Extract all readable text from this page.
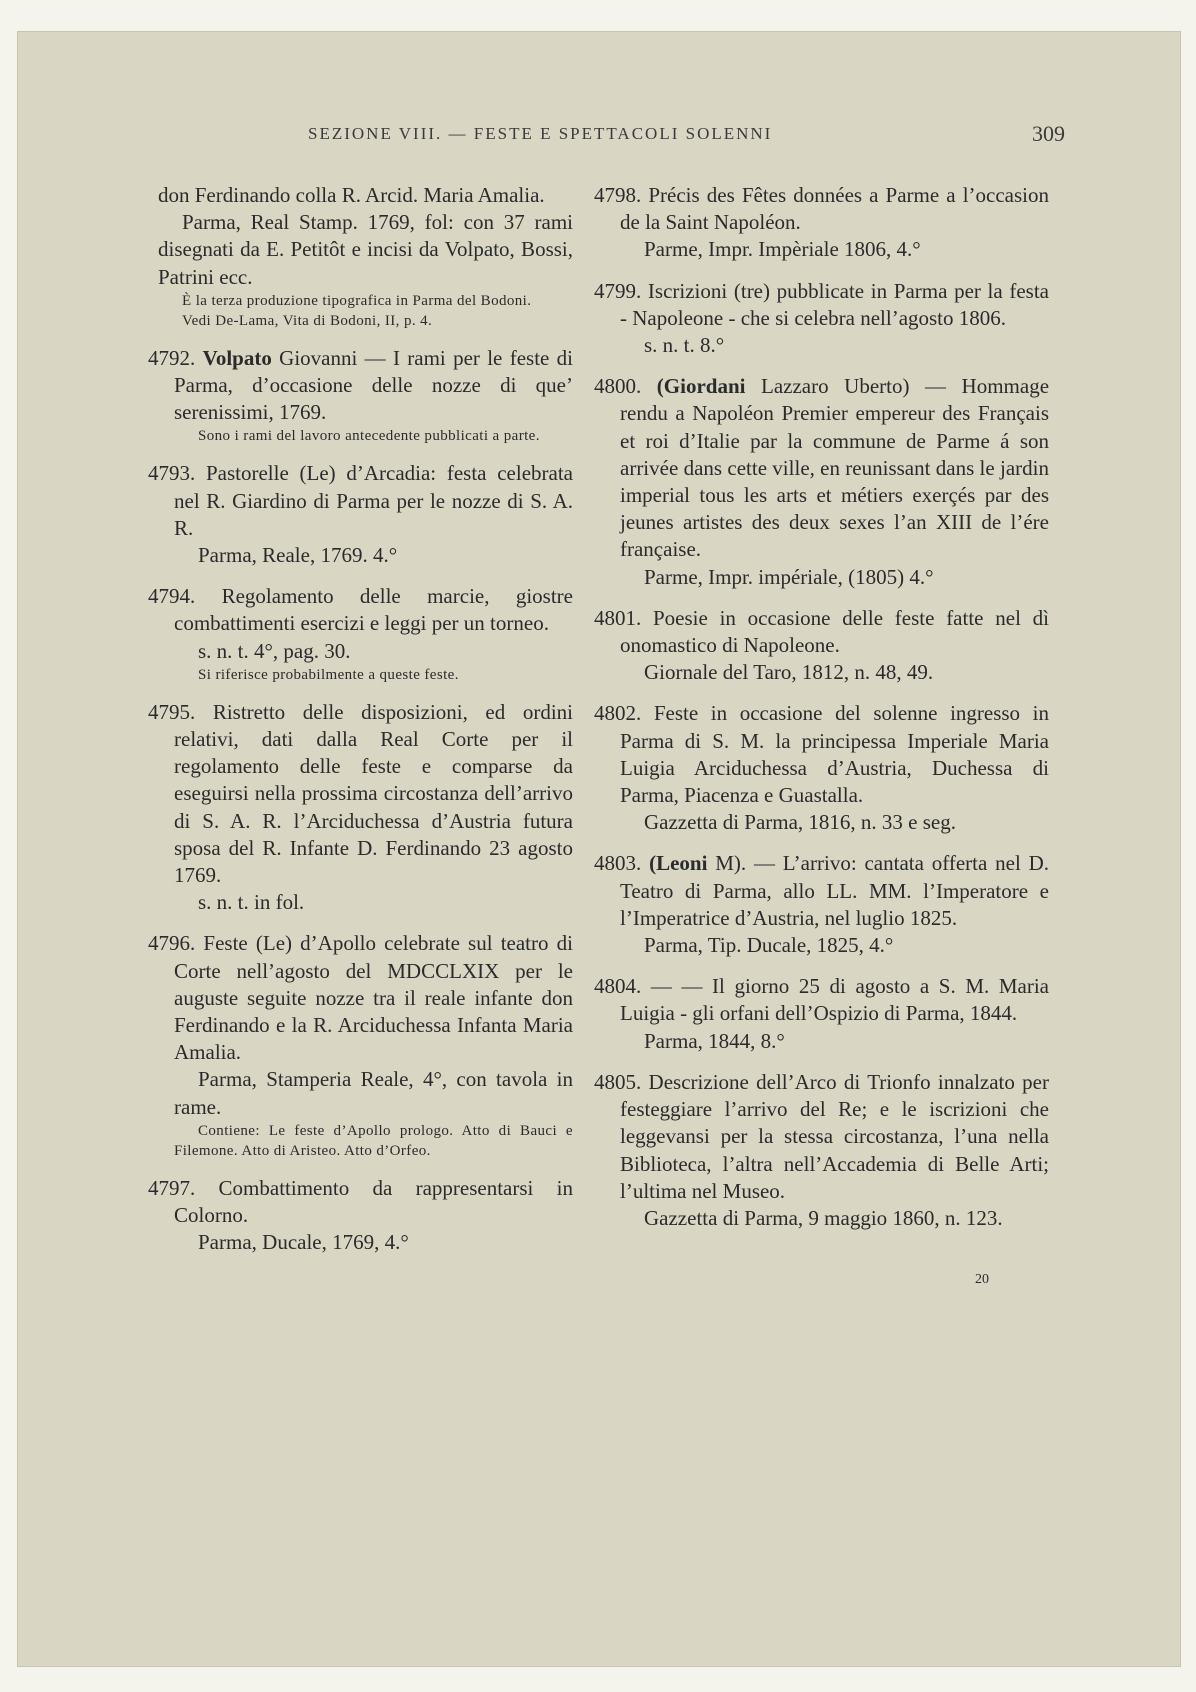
SEZIONE VIII. — FESTE E SPETTACOLI SOLENNI	309

don Ferdinando colla R. Arcid. Maria Amalia.

Parma, Real Stamp. 1769, fol: con 37 rami disegnati da E. Petitôt e incisi da Volpato, Bossi, Patrini ecc.

È la terza produzione tipografica in Parma del Bodoni.

Vedi De-Lama, Vita di Bodoni, II, p. 4.

4792. Volpato Giovanni — I rami per le feste di Parma, d’occasione delle nozze di que’ serenissimi, 1769.

Sono i rami del lavoro antecedente pubblicati a parte.

4793. Pastorelle (Le) d’Arcadia: festa celebrata nel R. Giardino di Parma per le nozze di S. A. R.

Parma, Reale, 1769. 4.°

4794. Regolamento delle marcie, giostre combattimenti esercizi e leggi per un torneo.

s. n. t. 4°, pag. 30.

Si riferisce probabilmente a queste feste.

4795. Ristretto delle disposizioni, ed ordini relativi, dati dalla Real Corte per il regolamento delle feste e comparse da eseguirsi nella prossima circostanza dell’arrivo di S. A. R. l’Arciduchessa d’Austria futura sposa del R. Infante D. Ferdinando 23 agosto 1769.

s. n. t. in fol.

4796. Feste (Le) d’Apollo celebrate sul teatro di Corte nell’agosto del MDCCLXIX per le auguste seguite nozze tra il reale infante don Ferdinando e la R. Arciduchessa Infanta Maria Amalia.

Parma, Stamperia Reale, 4°, con tavola in rame.

Contiene: Le feste d’Apollo prologo. Atto di Bauci e Filemone. Atto di Aristeo. Atto d’Orfeo.

4797. Combattimento da rappresentarsi in Colorno.

Parma, Ducale, 1769, 4.°

4798. Précis des Fêtes données a Parme a l’occasion de la Saint Napoléon.

Parme, Impr. Impèriale 1806, 4.°

4799. Iscrizioni (tre) pubblicate in Parma per la festa - Napoleone - che si celebra nell’agosto 1806.

s. n. t. 8.°

4800. (Giordani Lazzaro Uberto) — Hommage rendu a Napoléon Premier empereur des Français et roi d’Italie par la commune de Parme á son arrivée dans cette ville, en reunissant dans le jardin imperial tous les arts et métiers exerçés par des jeunes artistes des deux sexes l’an XIII de l’ére française.

Parme, Impr. impériale, (1805) 4.°

4801. Poesie in occasione delle feste fatte nel dì onomastico di Napoleone.

Giornale del Taro, 1812, n. 48, 49.

4802. Feste in occasione del solenne ingresso in Parma di S. M. la principessa Imperiale Maria Luigia Arciduchessa d’Austria, Duchessa di Parma, Piacenza e Guastalla.

Gazzetta di Parma, 1816, n. 33 e seg.

4803. (Leoni M). — L’arrivo: cantata offerta nel D. Teatro di Parma, allo LL. MM. l’Imperatore e l’Imperatrice d’Austria, nel luglio 1825.

Parma, Tip. Ducale, 1825, 4.°

4804. — — Il giorno 25 di agosto a S. M. Maria Luigia - gli orfani dell’Ospizio di Parma, 1844.

Parma, 1844, 8.°

4805. Descrizione dell’Arco di Trionfo innalzato per festeggiare l’arrivo del Re; e le iscrizioni che leggevansi per la stessa circostanza, l’una nella Biblioteca, l’altra nell’Accademia di Belle Arti; l’ultima nel Museo.

Gazzetta di Parma, 9 maggio 1860, n. 123.

20
